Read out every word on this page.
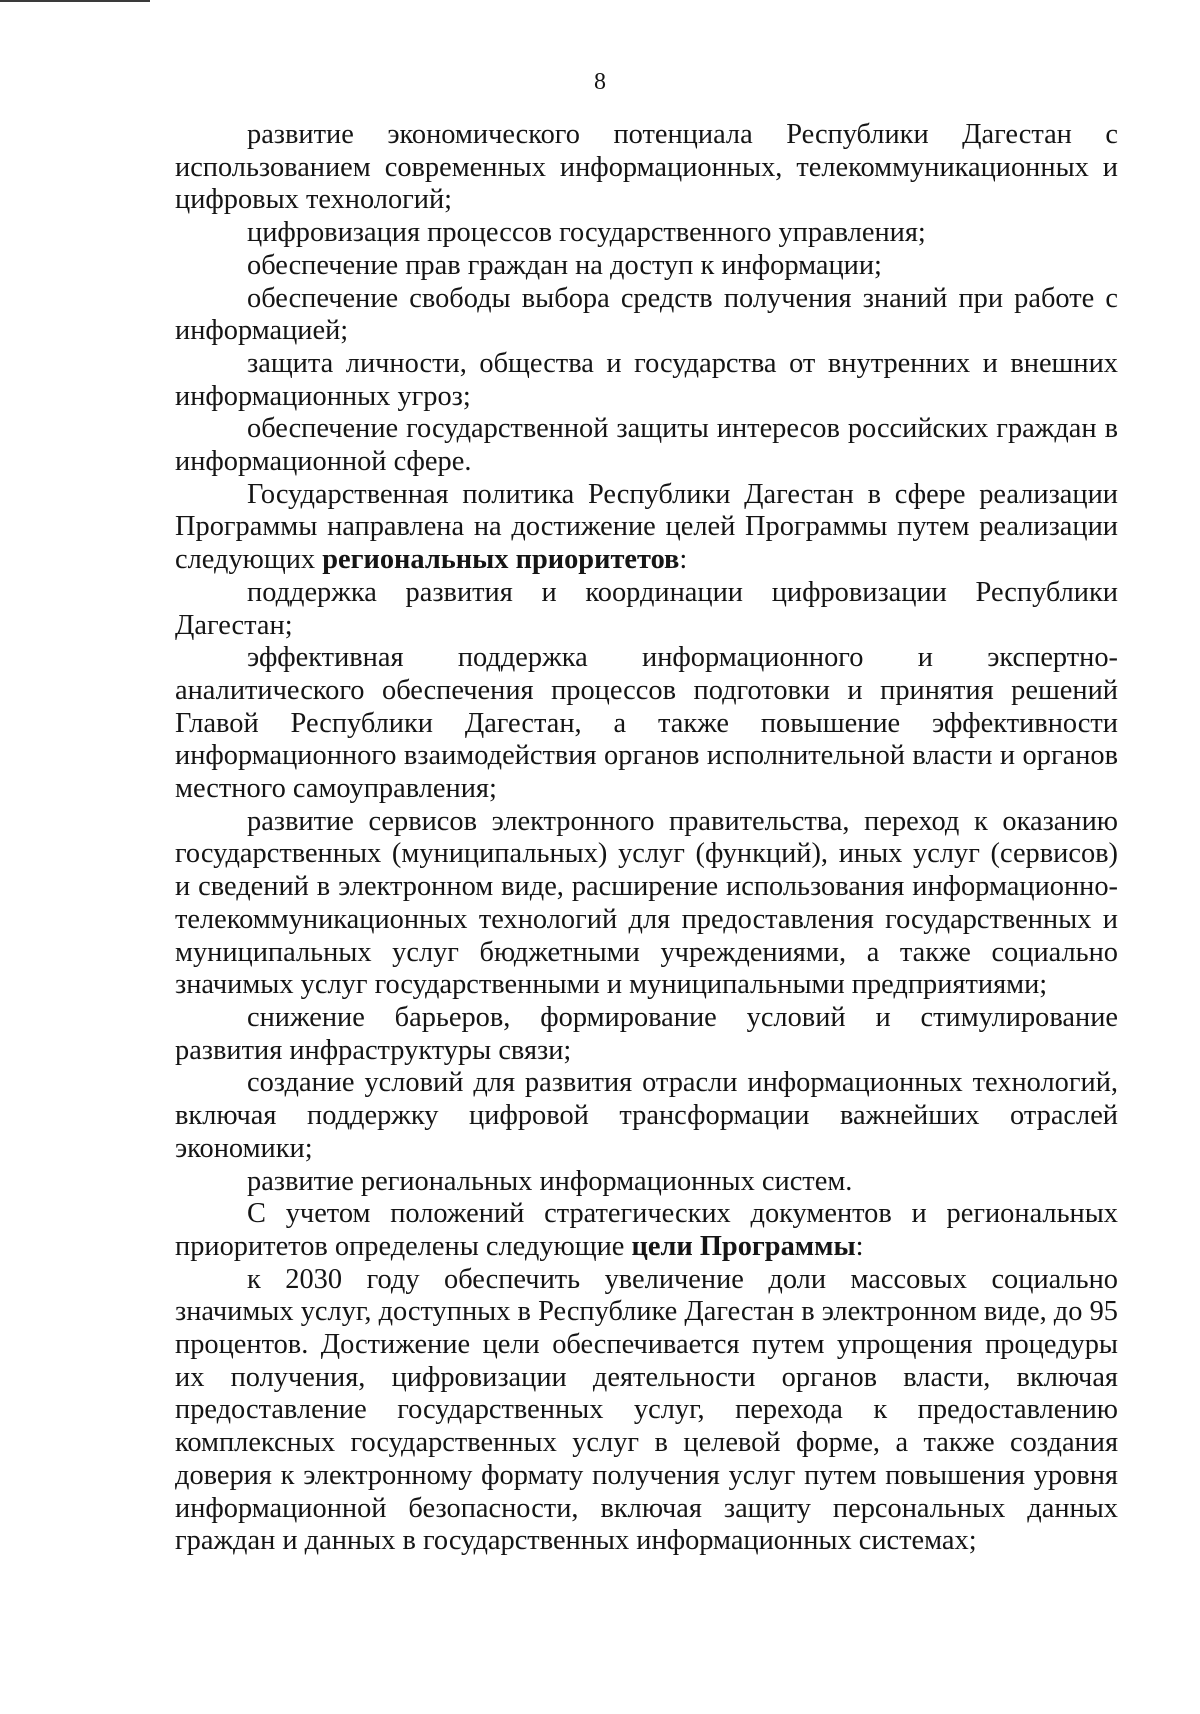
8

развитие экономического потенциала Республики Дагестан с использованием современных информационных, телекоммуникационных и цифровых технологий;

цифровизация процессов государственного управления;

обеспечение прав граждан на доступ к информации;

обеспечение свободы выбора средств получения знаний при работе с информацией;

защита личности, общества и государства от внутренних и внешних информационных угроз;

обеспечение государственной защиты интересов российских граждан в информационной сфере.

Государственная политика Республики Дагестан в сфере реализации Программы направлена на достижение целей Программы путем реализации следующих региональных приоритетов:

поддержка развития и координации цифровизации Республики Дагестан;

эффективная поддержка информационного и экспертно-аналитического обеспечения процессов подготовки и принятия решений Главой Республики Дагестан, а также повышение эффективности информационного взаимодействия органов исполнительной власти и органов местного самоуправления;

развитие сервисов электронного правительства, переход к оказанию государственных (муниципальных) услуг (функций), иных услуг (сервисов) и сведений в электронном виде, расширение использования информационно-телекоммуникационных технологий для предоставления государственных и муниципальных услуг бюджетными учреждениями, а также социально значимых услуг государственными и муниципальными предприятиями;

снижение барьеров, формирование условий и стимулирование развития инфраструктуры связи;

создание условий для развития отрасли информационных технологий, включая поддержку цифровой трансформации важнейших отраслей экономики;

развитие региональных информационных систем.

С учетом положений стратегических документов и региональных приоритетов определены следующие цели Программы:

к 2030 году обеспечить увеличение доли массовых социально значимых услуг, доступных в Республике Дагестан в электронном виде, до 95 процентов. Достижение цели обеспечивается путем упрощения процедуры их получения, цифровизации деятельности органов власти, включая предоставление государственных услуг, перехода к предоставлению комплексных государственных услуг в целевой форме, а также создания доверия к электронному формату получения услуг путем повышения уровня информационной безопасности, включая защиту персональных данных граждан и данных в государственных информационных системах;
